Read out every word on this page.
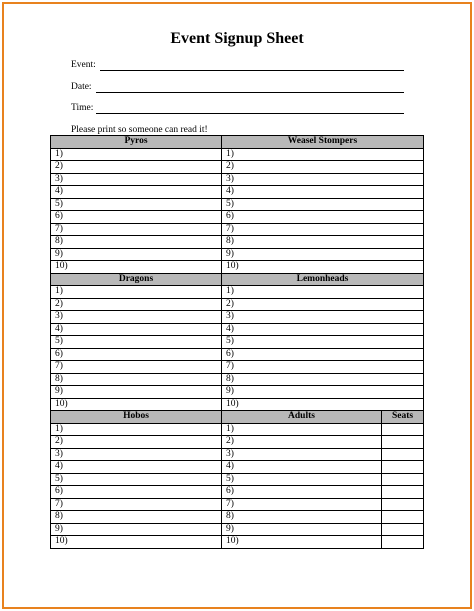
Event Signup Sheet
Event:
Date:
Time:
Please print so someone can read it!
Pyros	Weasel Stompers	
1)	1)	
2)	2)	
3)	3)	
4)	4)	
5)	5)	
6)	6)	
7)	7)	
8)	8)	
9)	9)	
10)	10)	
Dragons	Lemonheads	
1)	1)	
2)	2)	
3)	3)	
4)	4)	
5)	5)	
6)	6)	
7)	7)	
8)	8)	
9)	9)	
10)	10)	
Hobos	Adults	Seats
1)	1)	
2)	2)	
3)	3)	
4)	4)	
5)	5)	
6)	6)	
7)	7)	
8)	8)	
9)	9)	
10)	10)	
